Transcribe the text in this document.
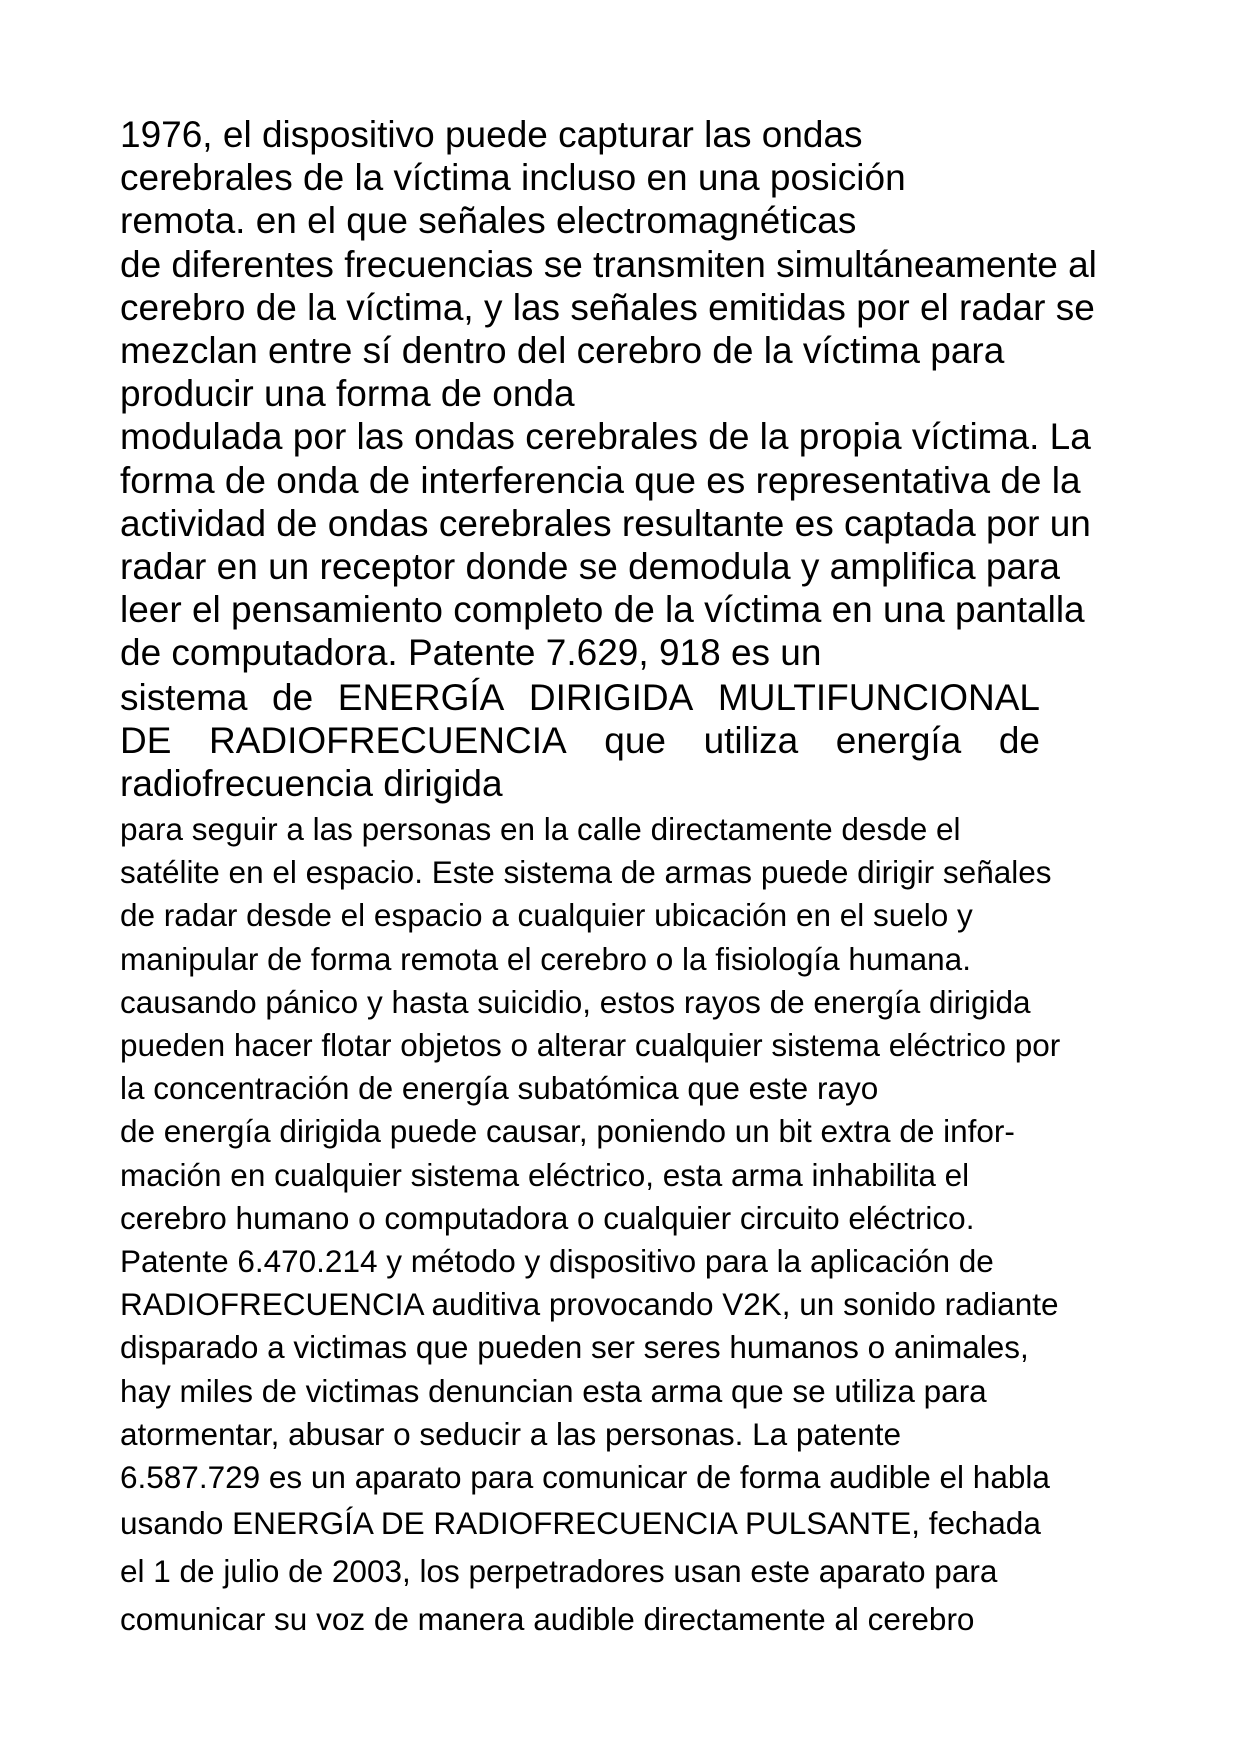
1976, el dispositivo puede capturar las ondas
cerebrales de la víctima incluso en una posición
remota. en el que señales electromagnéticas
de diferentes frecuencias se transmiten simultáneamente al
cerebro de la víctima, y las señales emitidas por el radar se
mezclan entre sí dentro del cerebro de la víctima para
producir una forma de onda
modulada por las ondas cerebrales de la propia víctima. La
forma de onda de interferencia que es representativa de la
actividad de ondas cerebrales resultante es captada por un
radar en un receptor donde se demodula y amplifica para
leer el pensamiento completo de la víctima en una pantalla
de computadora. Patente 7.629, 918 es un
sistema de ENERGÍA DIRIGIDA MULTIFUNCIONAL
DE RADIOFRECUENCIA que utiliza energía de
radiofrecuencia dirigida
para seguir a las personas en la calle directamente desde el
satélite en el espacio. Este sistema de armas puede dirigir señales
de radar desde el espacio a cualquier ubicación en el suelo y
manipular de forma remota el cerebro o la fisiología humana.
causando pánico y hasta suicidio, estos rayos de energía dirigida
pueden hacer flotar objetos o alterar cualquier sistema eléctrico por
la concentración de energía subatómica que este rayo
de energía dirigida puede causar, poniendo un bit extra de infor-
mación en cualquier sistema eléctrico, esta arma inhabilita el
cerebro humano o computadora o cualquier circuito eléctrico.
Patente 6.470.214 y método y dispositivo para la aplicación de
RADIOFRECUENCIA auditiva provocando V2K, un sonido radiante
disparado a victimas que pueden ser seres humanos o animales,
hay miles de victimas denuncian esta arma que se utiliza para
atormentar, abusar o seducir a las personas. La patente
6.587.729 es un aparato para comunicar de forma audible el habla
usando ENERGÍA DE RADIOFRECUENCIA PULSANTE, fechada
el 1 de julio de 2003, los perpetradores usan este aparato para
comunicar su voz de manera audible directamente al cerebro
